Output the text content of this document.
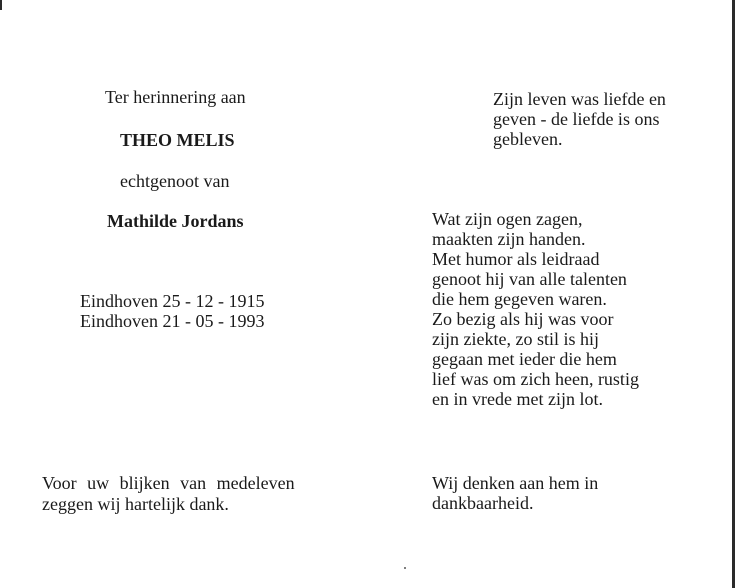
Ter herinnering aan

THEO MELIS

echtgenoot van

Mathilde Jordans

Eindhoven 25 - 12 - 1915

Eindhoven 21 - 05 - 1993

Voor uw blijken van medeleven

zeggen wij hartelijk dank.

Zijn leven was liefde en

geven - de liefde is ons

gebleven.

Wat zijn ogen zagen,

maakten zijn handen.

Met humor als leidraad

genoot hij van alle talenten

die hem gegeven waren.

Zo bezig als hij was voor

zijn ziekte, zo stil is hij

gegaan met ieder die hem

lief was om zich heen, rustig

en in vrede met zijn lot.

Wij denken aan hem in

dankbaarheid.
